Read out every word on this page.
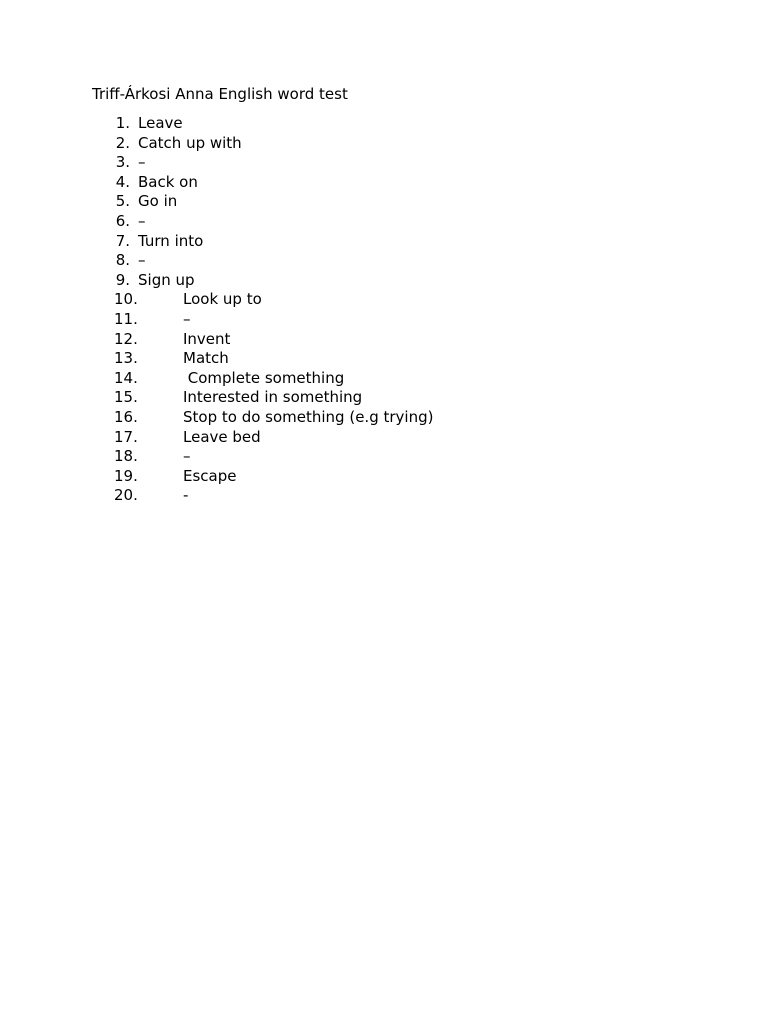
Triff-Árkosi Anna English word test
1. Leave
2. Catch up with
3. –
4. Back on
5. Go in
6. –
7. Turn into
8. –
9. Sign up
10.	Look up to
11.	–
12.	Invent
13.	Match
14.	Complete something
15.	Interested in something
16.	Stop to do something (e.g trying)
17.	Leave bed
18.	–
19.	Escape
20.	-
